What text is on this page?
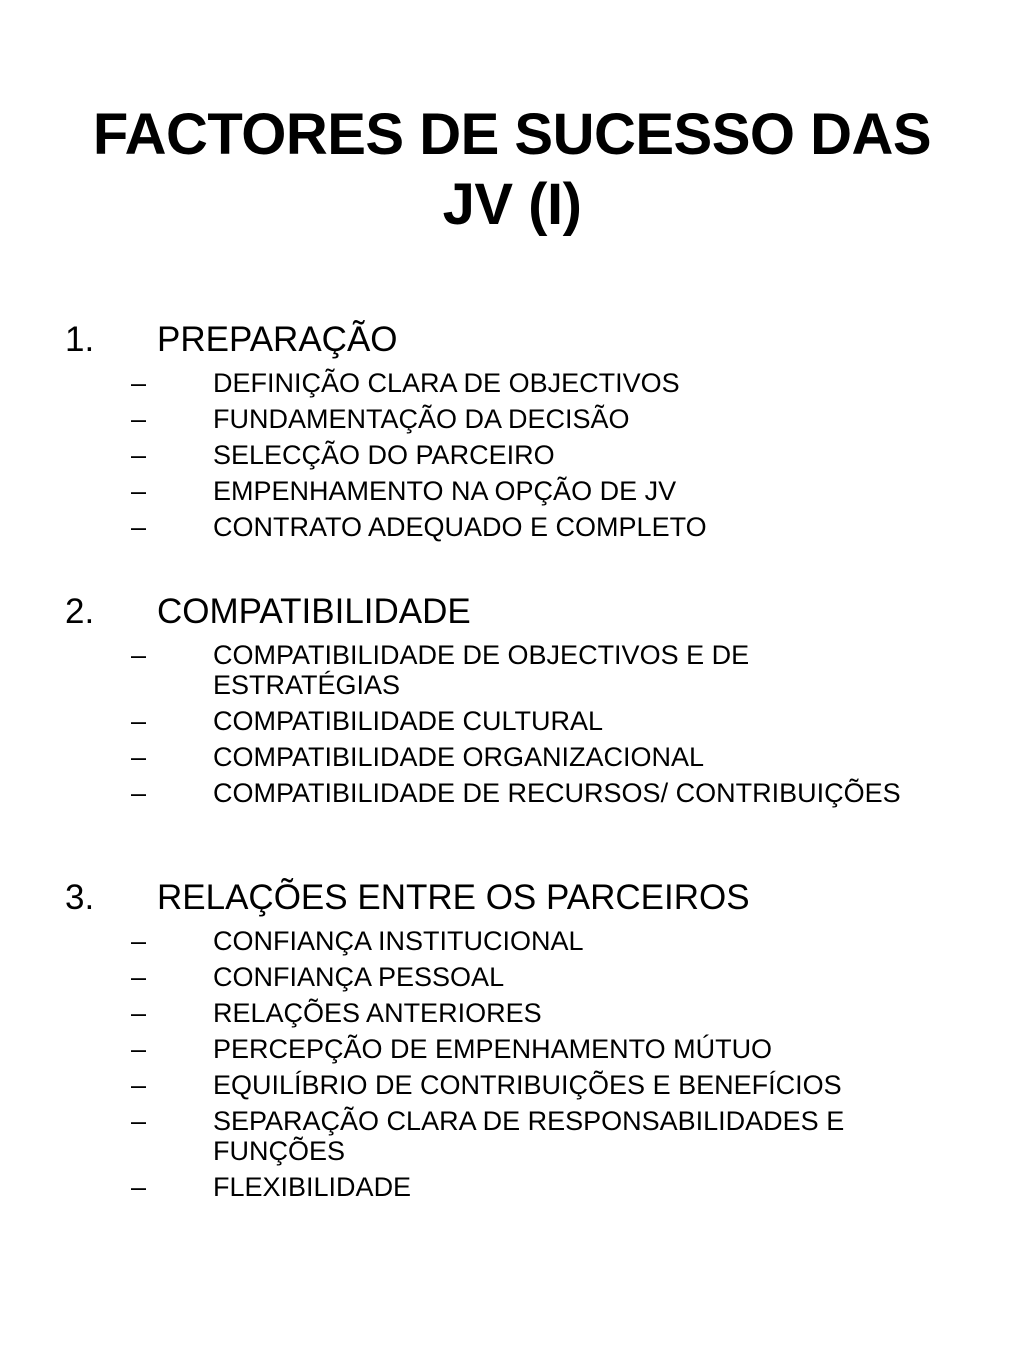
FACTORES DE SUCESSO DAS
JV (I)
1. PREPARAÇÃO
– DEFINIÇÃO CLARA DE OBJECTIVOS
– FUNDAMENTAÇÃO DA DECISÃO
– SELECÇÃO DO PARCEIRO
– EMPENHAMENTO NA OPÇÃO DE JV
– CONTRATO ADEQUADO E COMPLETO
2. COMPATIBILIDADE
– COMPATIBILIDADE DE OBJECTIVOS E DE ESTRATÉGIAS
– COMPATIBILIDADE CULTURAL
– COMPATIBILIDADE ORGANIZACIONAL
– COMPATIBILIDADE DE RECURSOS/ CONTRIBUIÇÕES
3. RELAÇÕES ENTRE OS PARCEIROS
– CONFIANÇA INSTITUCIONAL
– CONFIANÇA PESSOAL
– RELAÇÕES ANTERIORES
– PERCEPÇÃO DE EMPENHAMENTO MÚTUO
– EQUILÍBRIO DE CONTRIBUIÇÕES E BENEFÍCIOS
– SEPARAÇÃO CLARA DE RESPONSABILIDADES E FUNÇÕES
– FLEXIBILIDADE
